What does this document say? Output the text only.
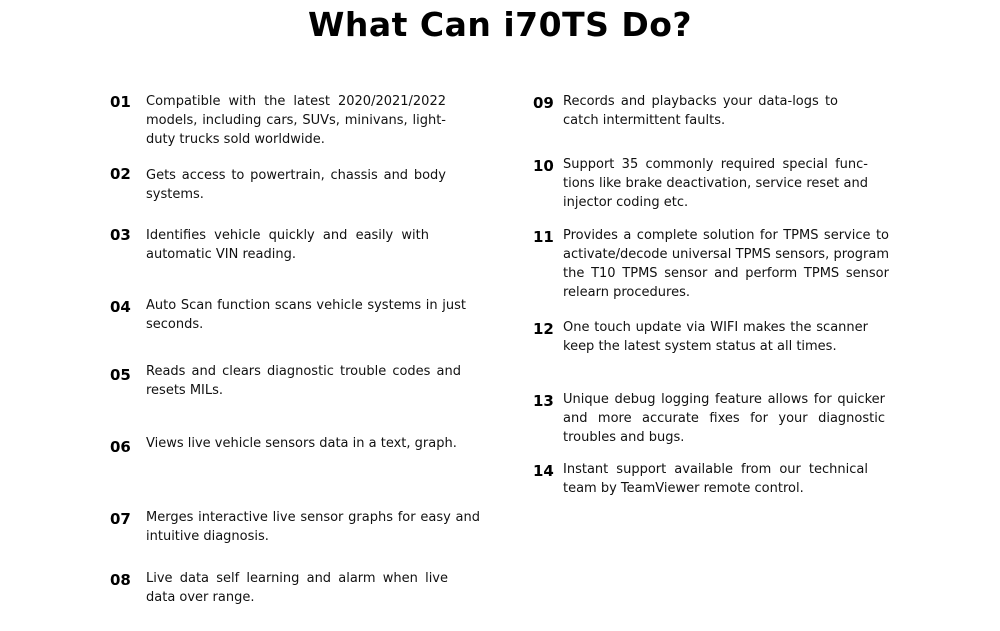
What Can i70TS Do?
01	Compatible with the latest 2020/2021/2022 models, including cars, SUVs, minivans, light-duty trucks sold worldwide.
02	Gets access to powertrain, chassis and body systems.
03	Identifies vehicle quickly and easily with automatic VIN reading.
04	Auto Scan function scans vehicle systems in just seconds.
05	Reads and clears diagnostic trouble codes and resets MILs.
06	Views live vehicle sensors data in a text, graph.
07	Merges interactive live sensor graphs for easy and intuitive diagnosis.
08	Live data self learning and alarm when live data over range.
09 Records and playbacks your data-logs to catch intermittent faults.
10 Support 35 commonly required special func-tions like brake deactivation, service reset and injector coding etc.
11 Provides a complete solution for TPMS service to activate/decode universal TPMS sensors, program the T10 TPMS sensor and perform TPMS sensor relearn procedures.
12 One touch update via WIFI makes the scanner keep the latest system status at all times.
13 Unique debug logging feature allows for quicker and more accurate fixes for your diagnostic troubles and bugs.
14 Instant support available from our technical team by TeamViewer remote control.
